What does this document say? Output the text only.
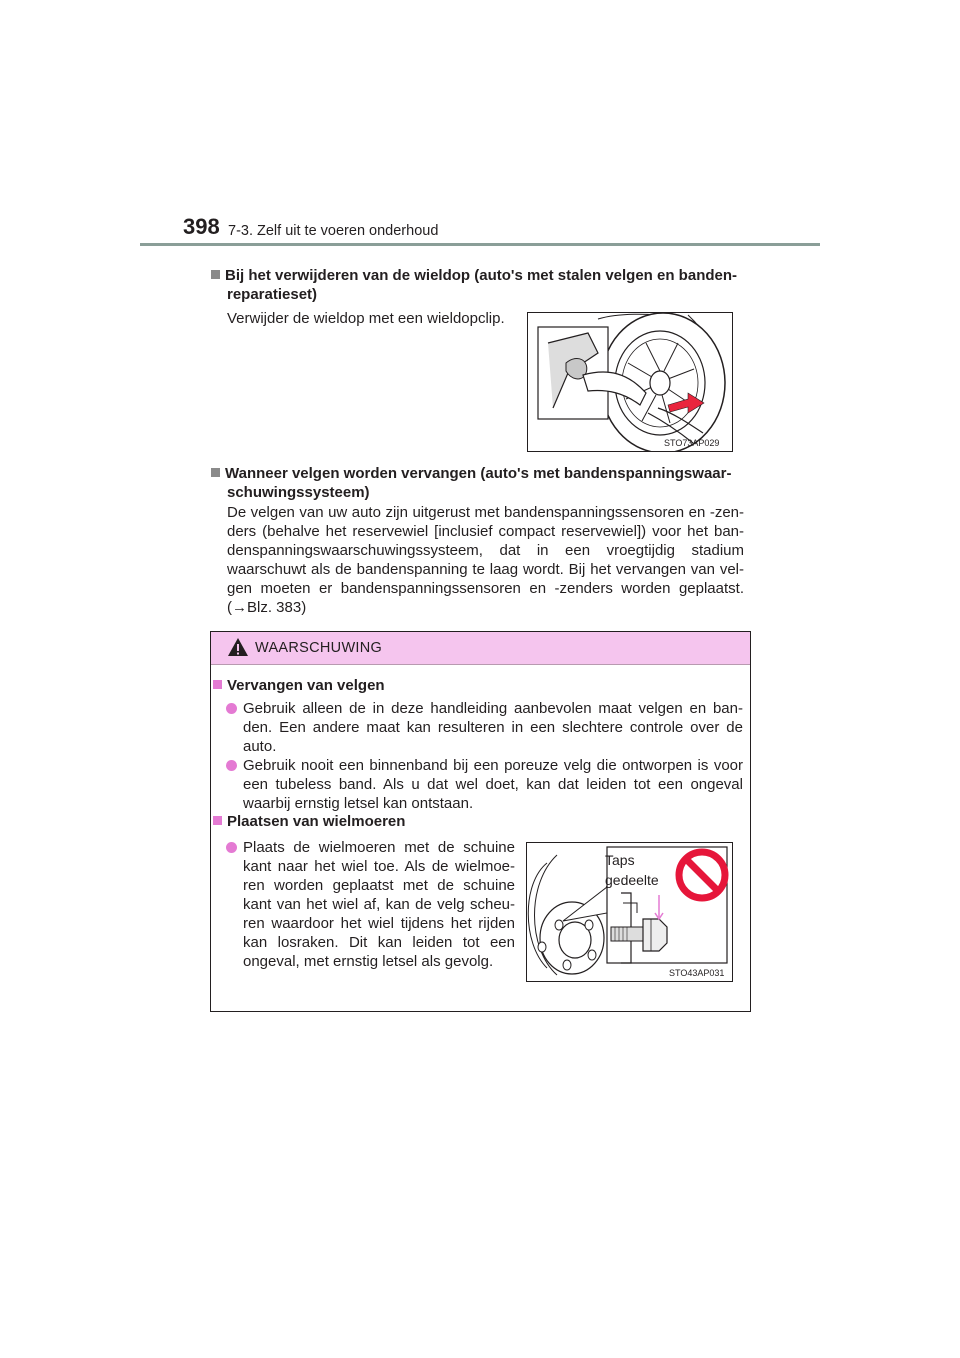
398 7-3. Zelf uit te voeren onderhoud
Bij het verwijderen van de wieldop (auto's met stalen velgen en banden-
reparatieset)
Verwijder de wieldop met een wieldopclip.
STO73AP029
Wanneer velgen worden vervangen (auto's met bandenspanningswaar-
schuwingssysteem)
De velgen van uw auto zijn uitgerust met bandenspanningssensoren en -zen-ders (behalve het reservewiel [inclusief compact reservewiel]) voor het ban-denspanningswaarschuwingssysteem, dat in een vroegtijdig stadium waarschuwt als de bandenspanning te laag wordt. Bij het vervangen van vel-gen moeten er bandenspanningssensoren en -zenders worden geplaatst. (→Blz. 383)
WAARSCHUWING
Vervangen van velgen
Gebruik alleen de in deze handleiding aanbevolen maat velgen en ban-den. Een andere maat kan resulteren in een slechtere controle over de auto.
Gebruik nooit een binnenband bij een poreuze velg die ontworpen is voor een tubeless band. Als u dat wel doet, kan dat leiden tot een ongeval waarbij ernstig letsel kan ontstaan.
Plaatsen van wielmoeren
Plaats de wielmoeren met de schuine kant naar het wiel toe. Als de wielmoe-ren worden geplaatst met de schuine kant van het wiel af, kan de velg scheu-ren waardoor het wiel tijdens het rijden kan losraken. Dit kan leiden tot een ongeval, met ernstig letsel als gevolg.
Taps
gedeelte
STO43AP031
